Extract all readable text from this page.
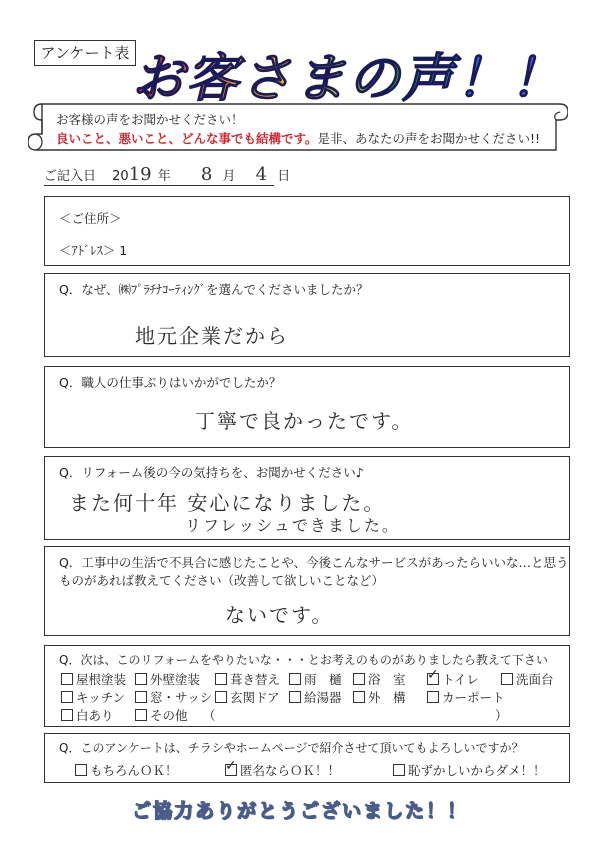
アンケート表 お客さまの声！！
お客様の声をお聞かせください！
良いこと、悪いこと、どんな事でも結構です。是非、あなたの声をお聞かせください!!
ご記入日 2019 年 8 月 4 日
＜ご住所＞
＜ｱﾄﾞﾚｽ＞ 1
Q．なぜ、㈱ﾌﾟﾗﾁﾅｺｰﾃｨﾝｸﾞを選んでくださいましたか？
地元企業だから
Q．職人の仕事ぶりはいかがでしたか？
丁寧で良かったです。
Q．リフォーム後の今の気持ちを、お聞かせください♪
また何十年 安心になりました。
リフレッシュできました。
Q．工事中の生活で不具合に感じたことや、今後こんなサービスがあったらいいな…と思う
ものがあれば教えてください（改善して欲しいことなど）
ないです。
Q．次は、このリフォームをやりたいな・・・とお考えのものがありましたら教えて下さい
屋根塗装	外壁塗装	葺き替え	雨　樋	浴　室 ✓	トイレ	洗面台
キッチン	窓・サッシ	玄関ドア	給湯器	外　構	カーポート
白あり	その他 （	）
Q．このアンケートは、チラシやホームページで紹介させて頂いてもよろしいですか？
もちろんＯＫ！ ✓	匿名ならＯＫ！！	恥ずかしいからダメ！！
ご協力ありがとうございました！！
